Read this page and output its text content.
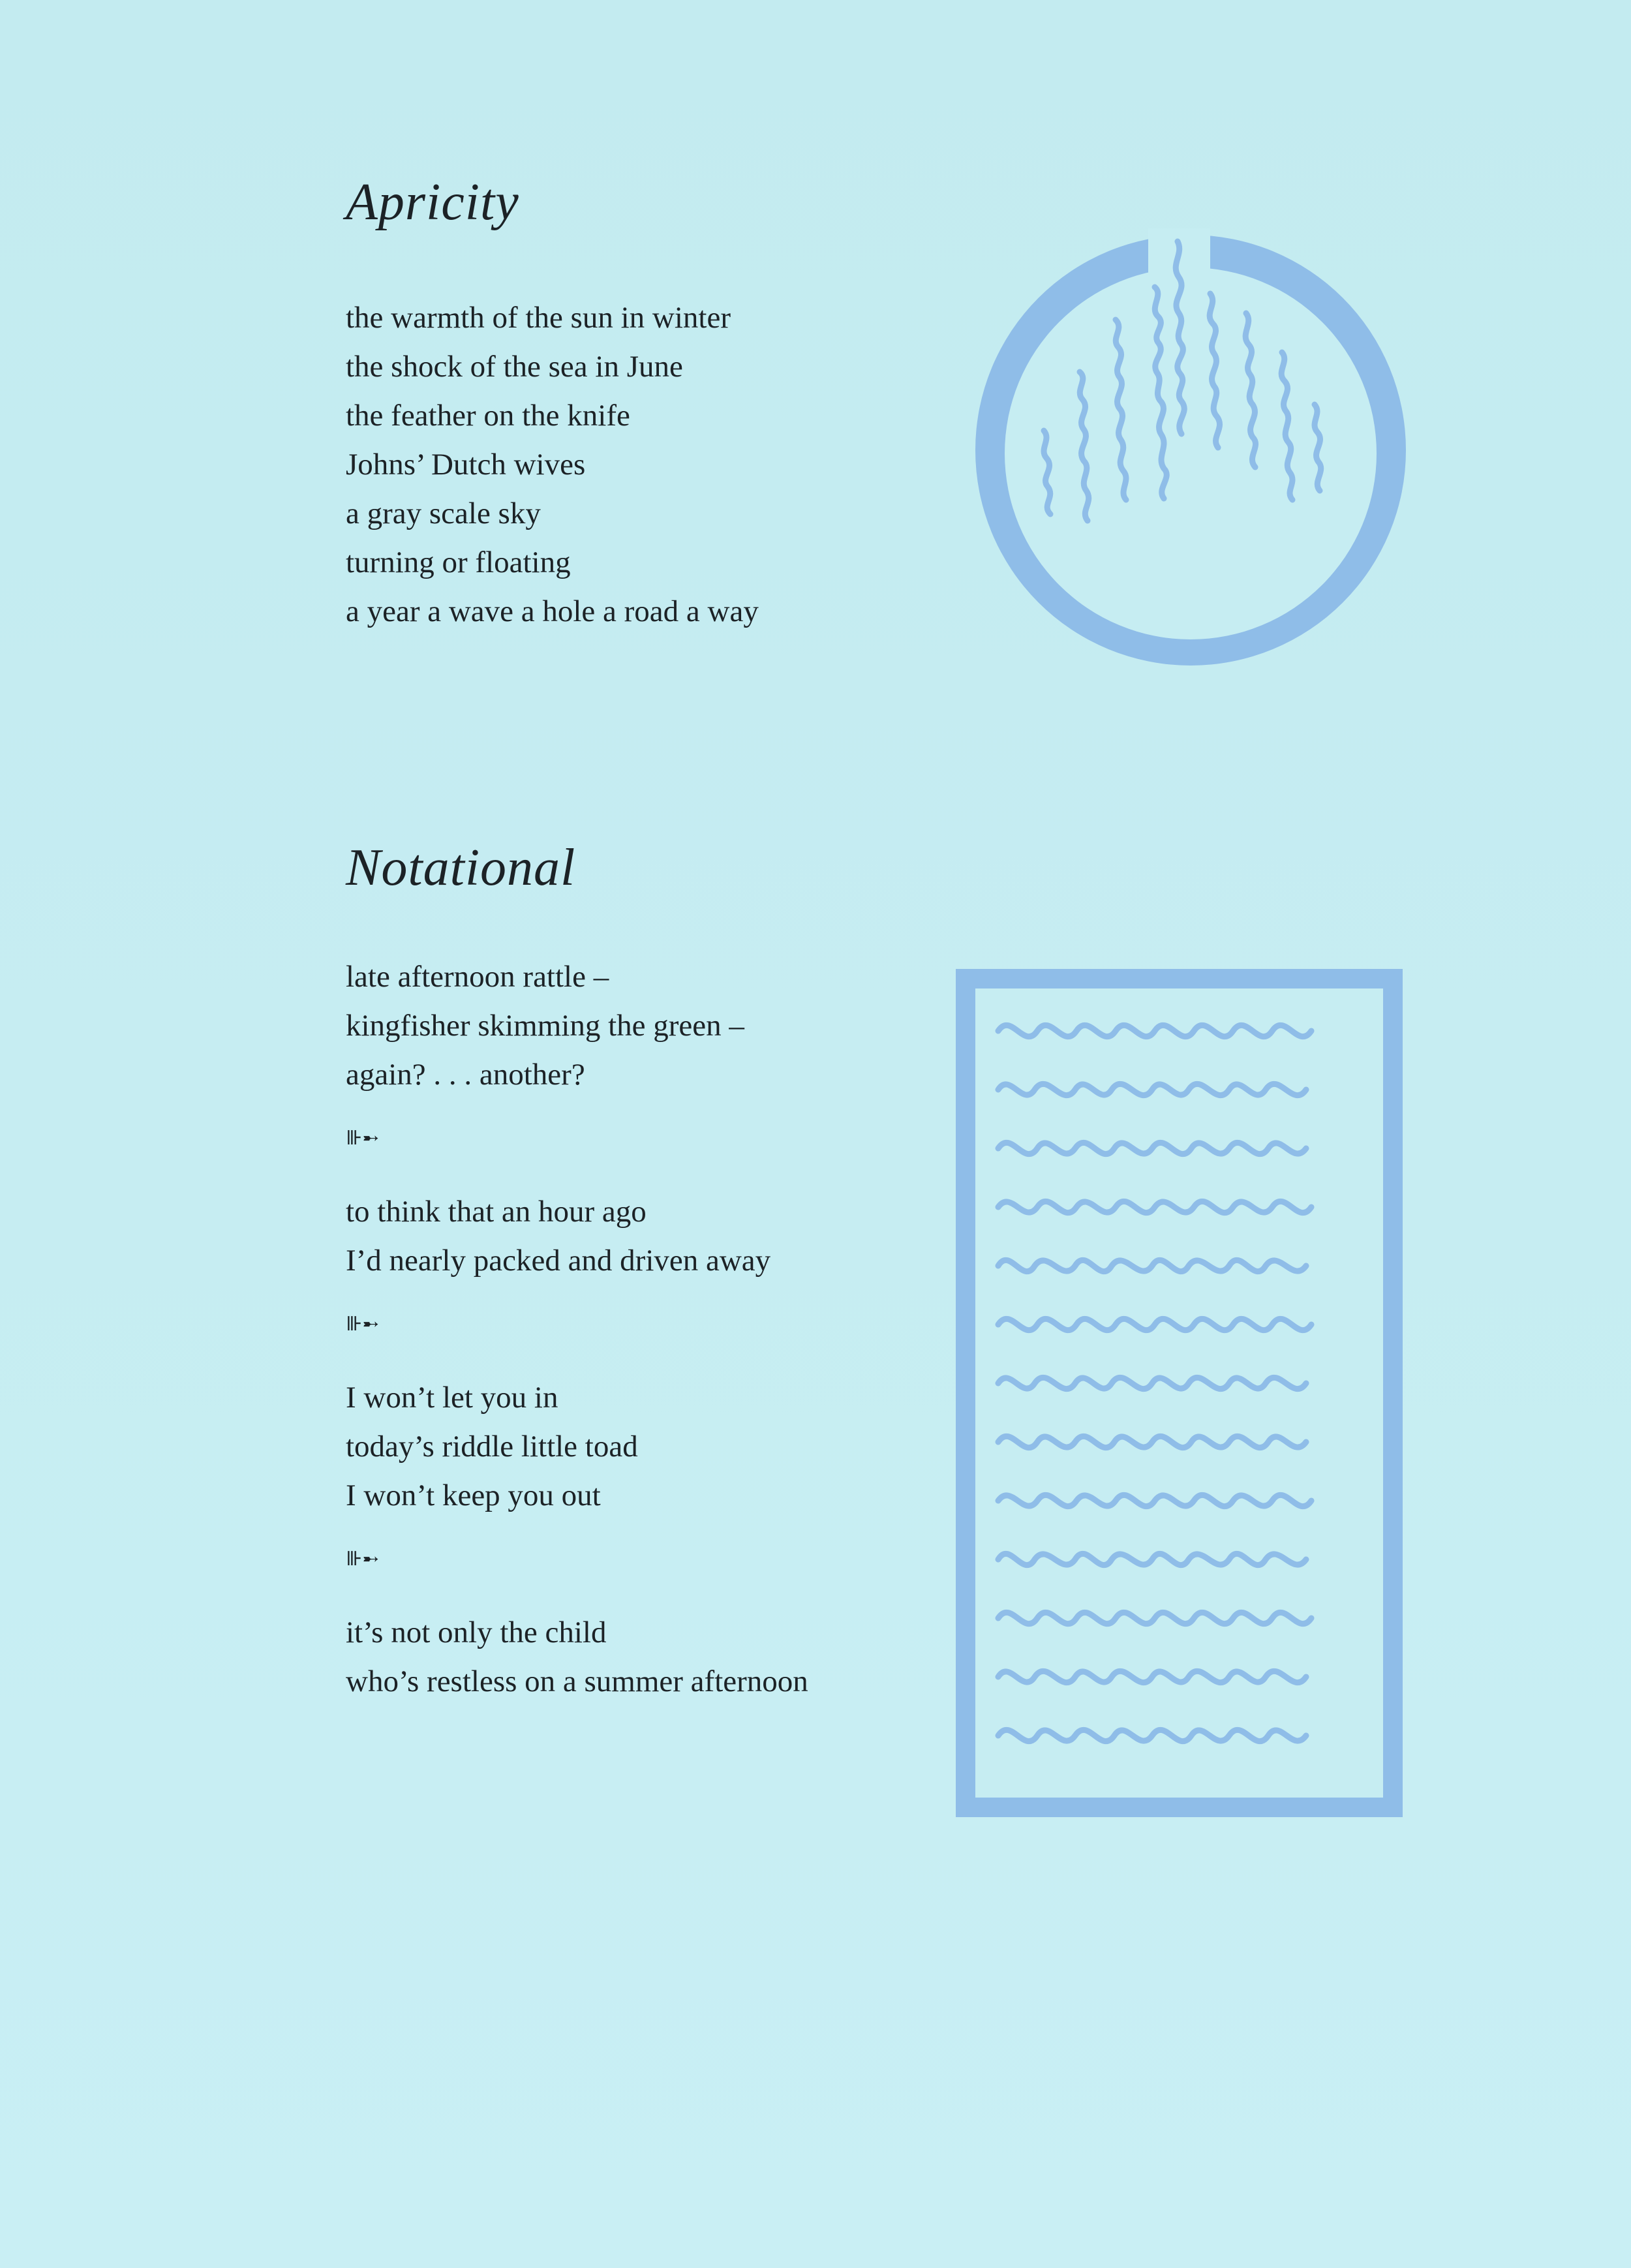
Apricity
the warmth of the sun in winter
the shock of the sea in June
the feather on the knife
Johns’ Dutch wives
a gray scale sky
turning or floating
a year a wave a hole a road a way
Notational
late afternoon rattle –
kingfisher skimming the green –
again? . . . another?
⊪➸
to think that an hour ago
I’d nearly packed and driven away
⊪➸
I won’t let you in
today’s riddle little toad
I won’t keep you out
⊪➸
it’s not only the child
who’s restless on a summer afternoon
